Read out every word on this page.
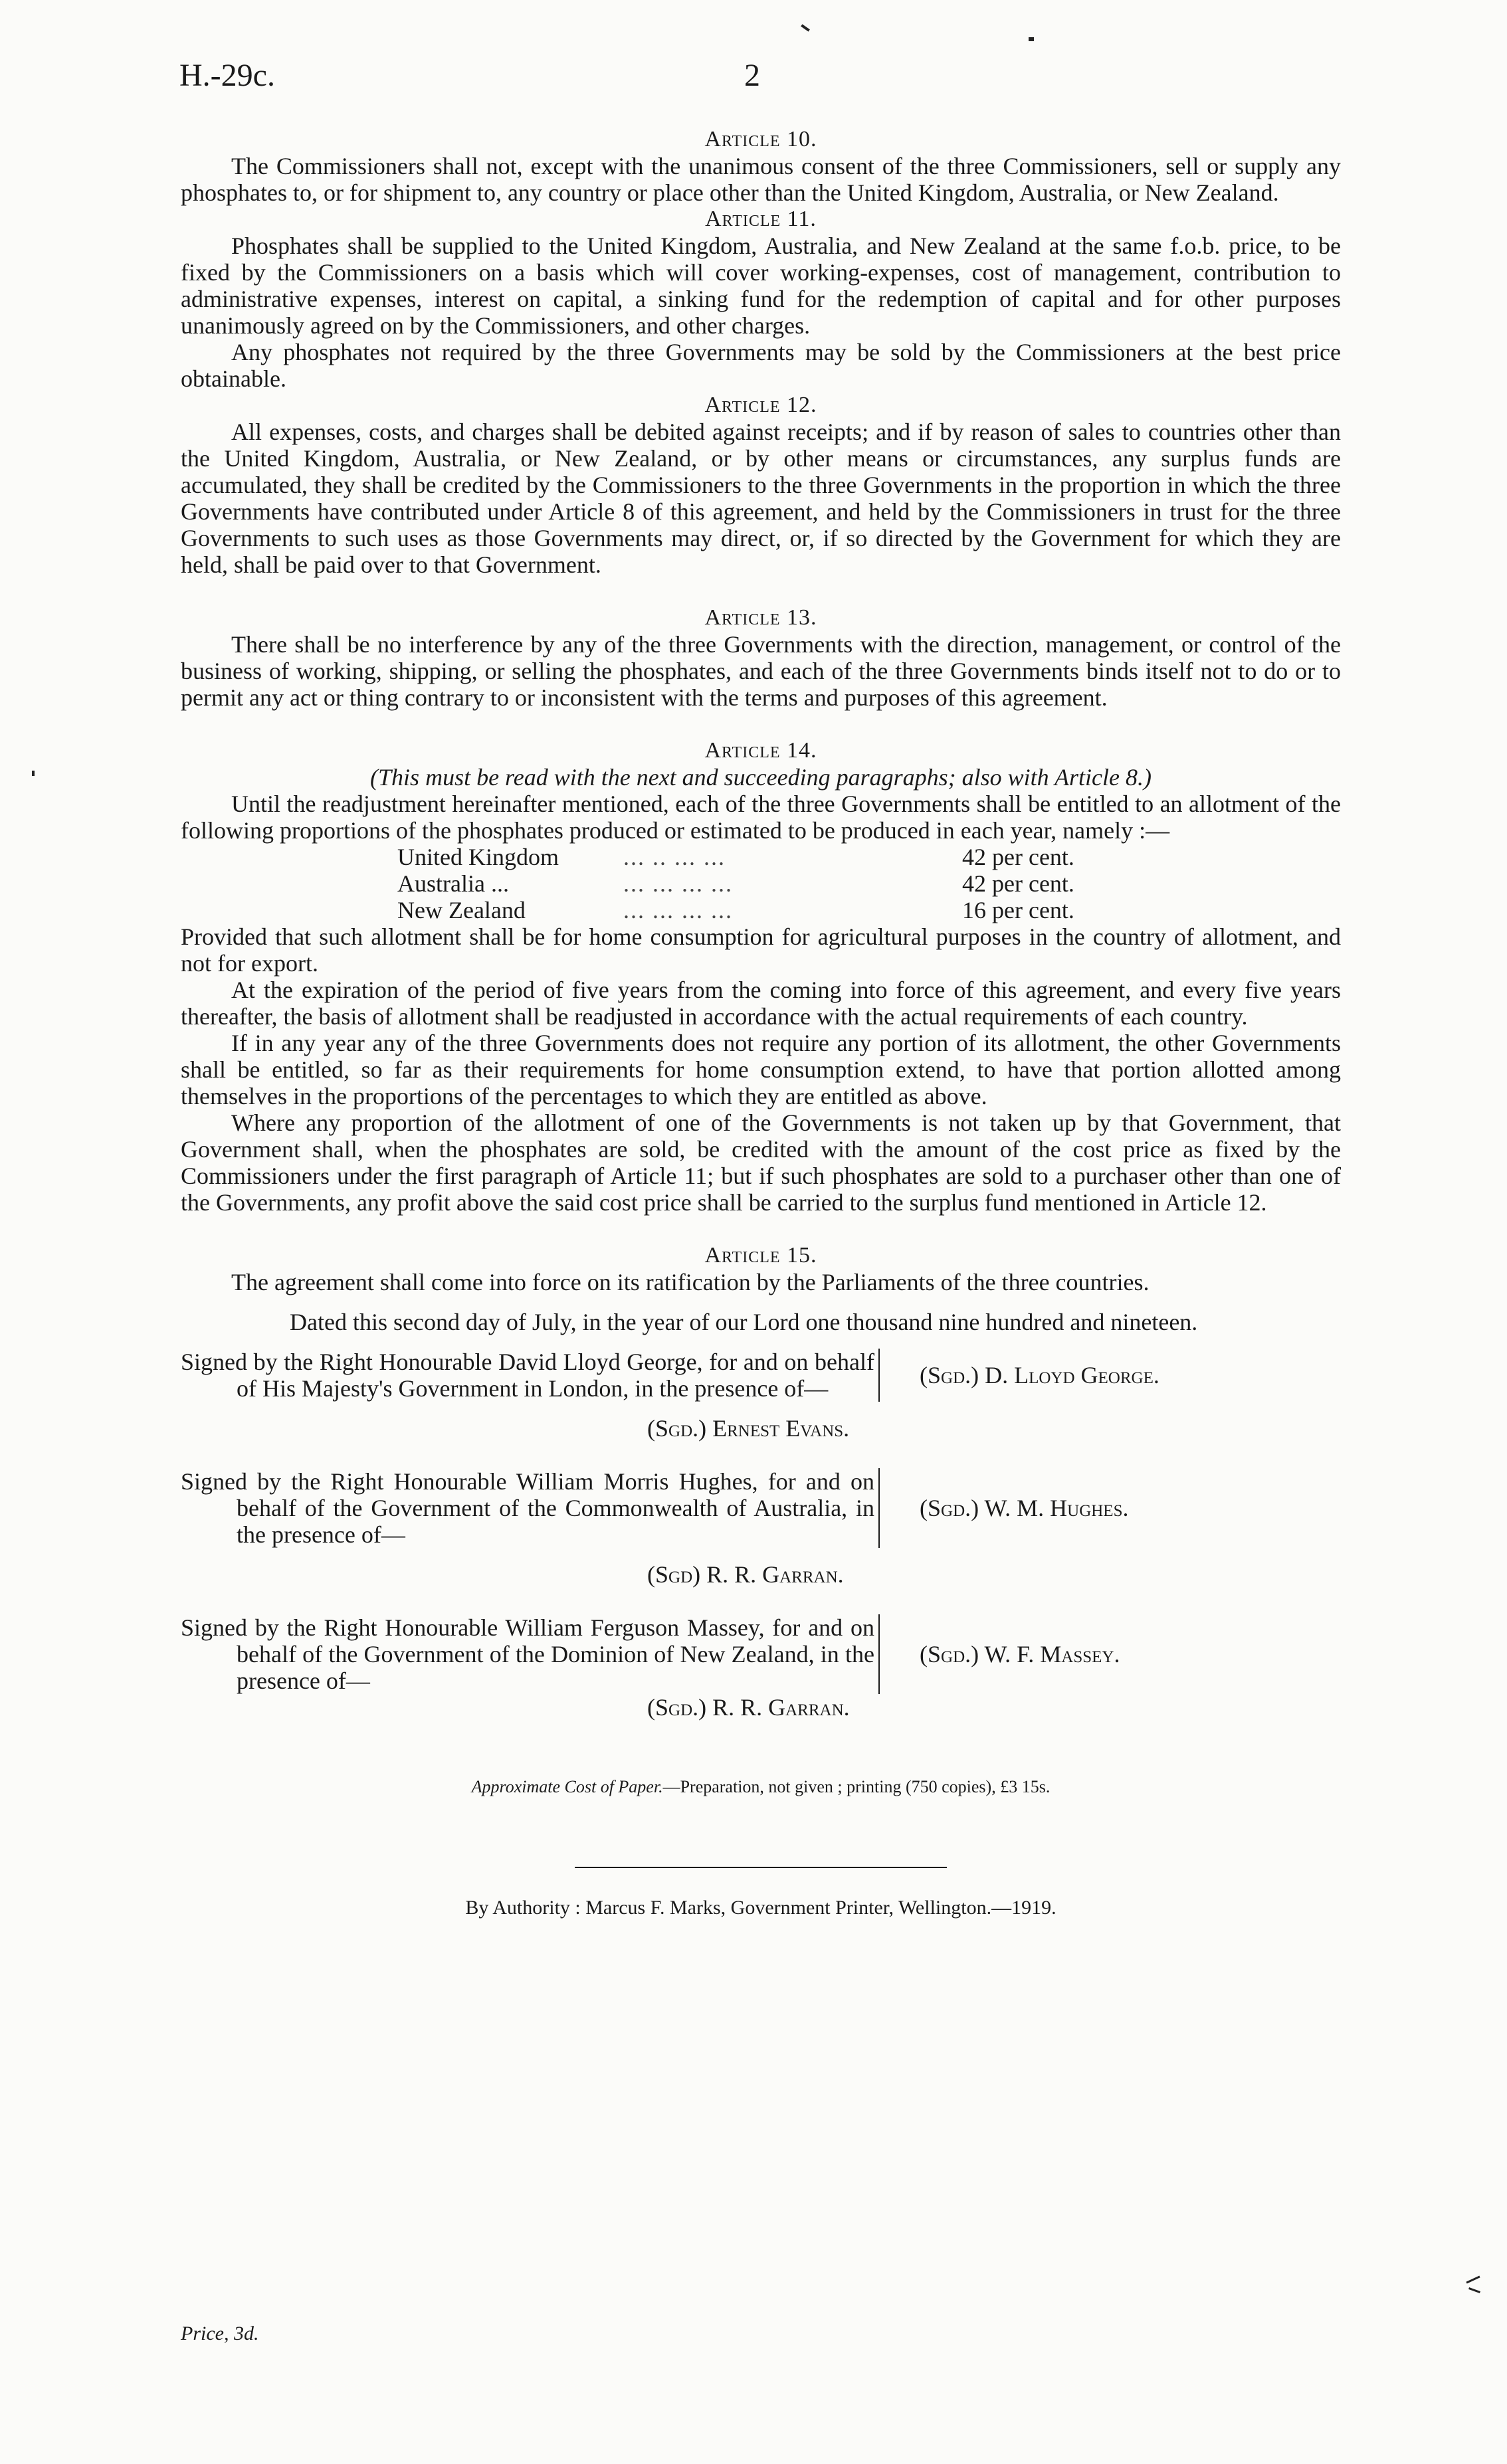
H.-29c.	2
Article 10.

The Commissioners shall not, except with the unanimous consent of the three Commissioners, sell or supply any phosphates to, or for shipment to, any country or place other than the United Kingdom, Australia, or New Zealand.

Article 11.

Phosphates shall be supplied to the United Kingdom, Australia, and New Zealand at the same f.o.b. price, to be fixed by the Commissioners on a basis which will cover working-expenses, cost of management, contribution to administrative expenses, interest on capital, a sinking fund for the redemption of capital and for other purposes unanimously agreed on by the Commissioners, and other charges.

Any phosphates not required by the three Governments may be sold by the Commissioners at the best price obtainable.

Article 12.

All expenses, costs, and charges shall be debited against receipts; and if by reason of sales to countries other than the United Kingdom, Australia, or New Zealand, or by other means or circumstances, any surplus funds are accumulated, they shall be credited by the Commissioners to the three Governments in the proportion in which the three Governments have contributed under Article 8 of this agreement, and held by the Commissioners in trust for the three Governments to such uses as those Governments may direct, or, if so directed by the Government for which they are held, shall be paid over to that Government.

Article 13.

There shall be no interference by any of the three Governments with the direction, management, or control of the business of working, shipping, or selling the phosphates, and each of the three Governments binds itself not to do or to permit any act or thing contrary to or inconsistent with the terms and purposes of this agreement.

Article 14.
(This must be read with the next and succeeding paragraphs; also with Article 8.)

Until the readjustment hereinafter mentioned, each of the three Governments shall be entitled to an allotment of the following proportions of the phosphates produced or estimated to be produced in each year, namely :—

United Kingdom	... .. ... ...	42 per cent.
Australia ...	... ... ... ...	42 per cent.
New Zealand	... ... ... ...	16 per cent.

Provided that such allotment shall be for home consumption for agricultural purposes in the country of allotment, and not for export.

At the expiration of the period of five years from the coming into force of this agreement, and every five years thereafter, the basis of allotment shall be readjusted in accordance with the actual requirements of each country.

If in any year any of the three Governments does not require any portion of its allotment, the other Governments shall be entitled, so far as their requirements for home consumption extend, to have that portion allotted among themselves in the proportions of the percentages to which they are entitled as above.

Where any proportion of the allotment of one of the Governments is not taken up by that Government, that Government shall, when the phosphates are sold, be credited with the amount of the cost price as fixed by the Commissioners under the first paragraph of Article 11; but if such phosphates are sold to a purchaser other than one of the Governments, any profit above the said cost price shall be carried to the surplus fund mentioned in Article 12.

Article 15.

The agreement shall come into force on its ratification by the Parliaments of the three countries.

Dated this second day of July, in the year of our Lord one thousand nine hundred and nineteen.
Signed by the Right Honourable David Lloyd George, for and on behalf of His Majesty's Government in London, in the presence of—	(Sgd.) D. Lloyd George.
(Sgd.) Ernest Evans.
Signed by the Right Honourable William Morris Hughes, for and on behalf of the Government of the Commonwealth of Australia, in the presence of—
(Sgd.) W. M. Hughes.
(Sgd) R. R. Garran.
Signed by the Right Honourable William Ferguson Massey, for and on behalf of the Government of the Dominion of New Zealand, in the presence of—
(Sgd.) W. F. Massey.
(Sgd.) R. R. Garran.
Approximate Cost of Paper.—Preparation, not given ; printing (750 copies), £3 15s.
By Authority : Marcus F. Marks, Government Printer, Wellington.—1919.
Price, 3d.
